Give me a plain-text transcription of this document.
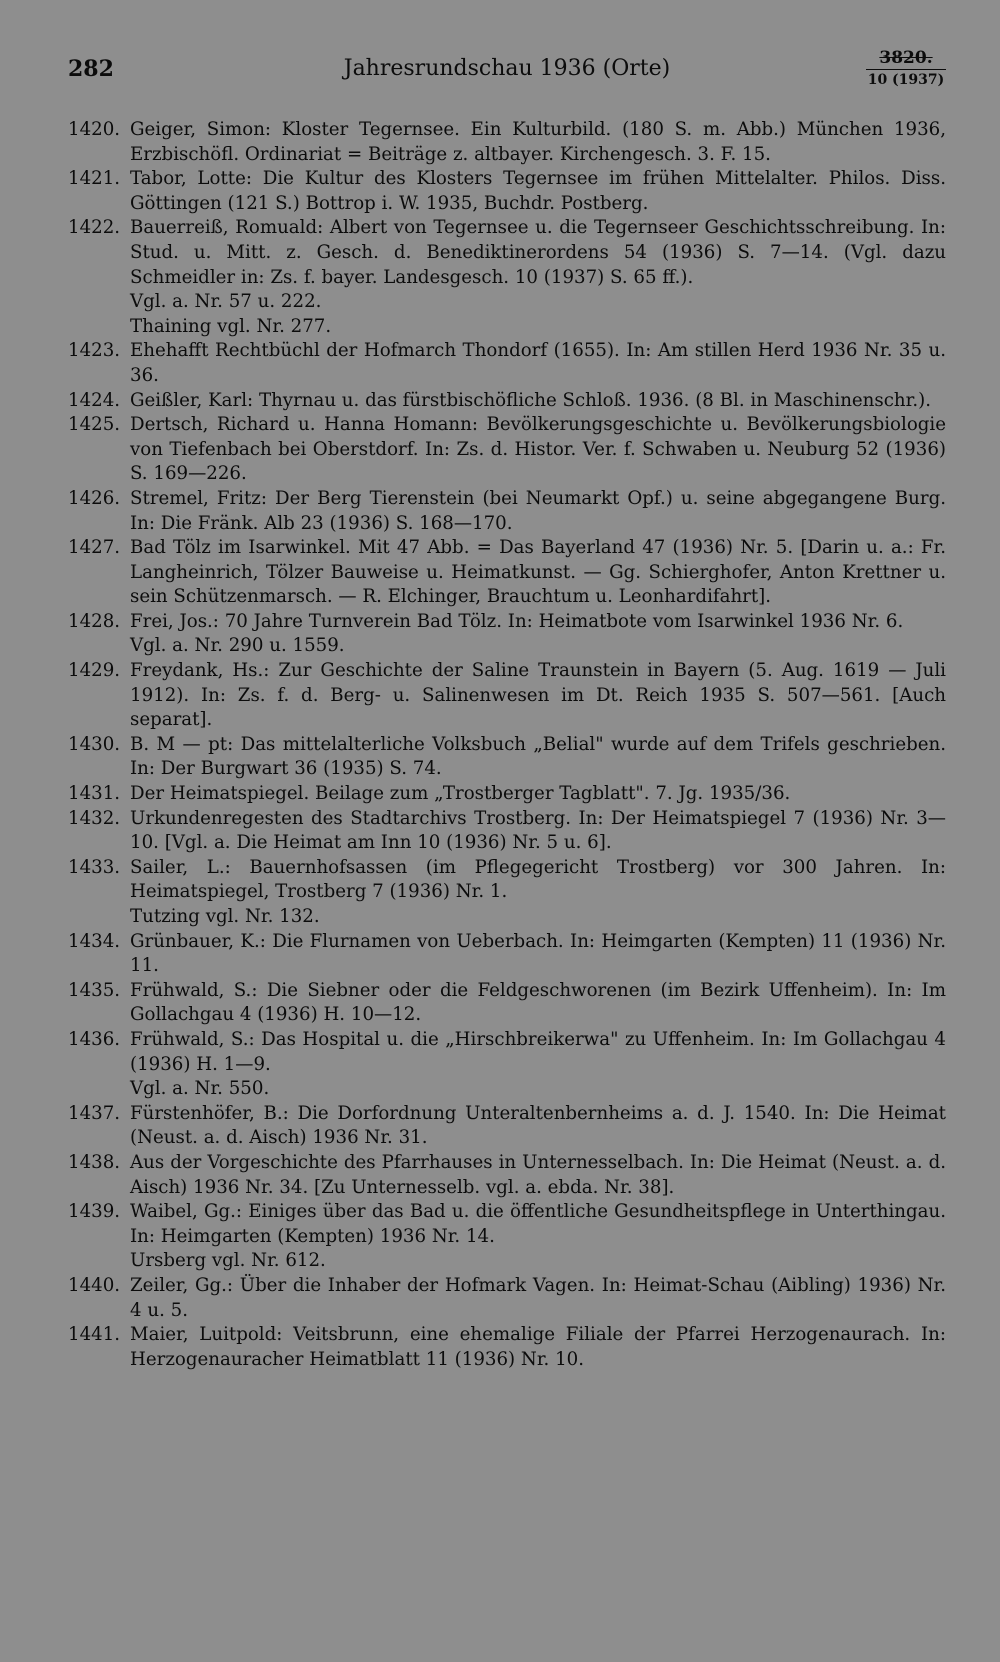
282	Jahresrundschau 1936 (Orte)	3820.
10 (1937)
1420. Geiger, Simon: Kloster Tegernsee. Ein Kulturbild. (180 S. m. Abb.) München 1936, Erzbischöfl. Ordinariat = Beiträge z. altbayer. Kirchengesch. 3. F. 15.
1421. Tabor, Lotte: Die Kultur des Klosters Tegernsee im frühen Mittelalter. Philos. Diss. Göttingen (121 S.) Bottrop i. W. 1935, Buchdr. Postberg.
1422. Bauerreiß, Romuald: Albert von Tegernsee u. die Tegernseer Geschichtsschreibung. In: Stud. u. Mitt. z. Gesch. d. Benediktinerordens 54 (1936) S. 7—14. (Vgl. dazu Schmeidler in: Zs. f. bayer. Landesgesch. 10 (1937) S. 65 ff.).
Vgl. a. Nr. 57 u. 222.
Thaining vgl. Nr. 277.
1423. Ehehafft Rechtbüchl der Hofmarch Thondorf (1655). In: Am stillen Herd 1936 Nr. 35 u. 36.
1424. Geißler, Karl: Thyrnau u. das fürstbischöfliche Schloß. 1936. (8 Bl. in Maschinenschr.).
1425. Dertsch, Richard u. Hanna Homann: Bevölkerungsgeschichte u. Bevölkerungsbiologie von Tiefenbach bei Oberstdorf. In: Zs. d. Histor. Ver. f. Schwaben u. Neuburg 52 (1936) S. 169—226.
1426. Stremel, Fritz: Der Berg Tierenstein (bei Neumarkt Opf.) u. seine abgegangene Burg. In: Die Fränk. Alb 23 (1936) S. 168—170.
1427. Bad Tölz im Isarwinkel. Mit 47 Abb. = Das Bayerland 47 (1936) Nr. 5. [Darin u. a.: Fr. Langheinrich, Tölzer Bauweise u. Heimatkunst. — Gg. Schierghofer, Anton Krettner u. sein Schützenmarsch. — R. Elchinger, Brauchtum u. Leonhardifahrt].
1428. Frei, Jos.: 70 Jahre Turnverein Bad Tölz. In: Heimatbote vom Isarwinkel 1936 Nr. 6.
Vgl. a. Nr. 290 u. 1559.
1429. Freydank, Hs.: Zur Geschichte der Saline Traunstein in Bayern (5. Aug. 1619 — Juli 1912). In: Zs. f. d. Berg- u. Salinenwesen im Dt. Reich 1935 S. 507—561. [Auch separat].
1430. B. M — pt: Das mittelalterliche Volksbuch „Belial" wurde auf dem Trifels geschrieben. In: Der Burgwart 36 (1935) S. 74.
1431. Der Heimatspiegel. Beilage zum „Trostberger Tagblatt". 7. Jg. 1935/36.
1432. Urkundenregesten des Stadtarchivs Trostberg. In: Der Heimatspiegel 7 (1936) Nr. 3—10. [Vgl. a. Die Heimat am Inn 10 (1936) Nr. 5 u. 6].
1433. Sailer, L.: Bauernhofsassen (im Pflegegericht Trostberg) vor 300 Jahren. In: Heimatspiegel, Trostberg 7 (1936) Nr. 1.
Tutzing vgl. Nr. 132.
1434. Grünbauer, K.: Die Flurnamen von Ueberbach. In: Heimgarten (Kempten) 11 (1936) Nr. 11.
1435. Frühwald, S.: Die Siebner oder die Feldgeschworenen (im Bezirk Uffenheim). In: Im Gollachgau 4 (1936) H. 10—12.
1436. Frühwald, S.: Das Hospital u. die „Hirschbreikerwa" zu Uffenheim. In: Im Gollachgau 4 (1936) H. 1—9.
Vgl. a. Nr. 550.
1437. Fürstenhöfer, B.: Die Dorfordnung Unteraltenbernheims a. d. J. 1540. In: Die Heimat (Neust. a. d. Aisch) 1936 Nr. 31.
1438. Aus der Vorgeschichte des Pfarrhauses in Unternesselbach. In: Die Heimat (Neust. a. d. Aisch) 1936 Nr. 34. [Zu Unternesselb. vgl. a. ebda. Nr. 38].
1439. Waibel, Gg.: Einiges über das Bad u. die öffentliche Gesundheitspflege in Unterthingau. In: Heimgarten (Kempten) 1936 Nr. 14.
Ursberg vgl. Nr. 612.
1440. Zeiler, Gg.: Über die Inhaber der Hofmark Vagen. In: Heimat-Schau (Aibling) 1936) Nr. 4 u. 5.
1441. Maier, Luitpold: Veitsbrunn, eine ehemalige Filiale der Pfarrei Herzogenaurach. In: Herzogenauracher Heimatblatt 11 (1936) Nr. 10.
